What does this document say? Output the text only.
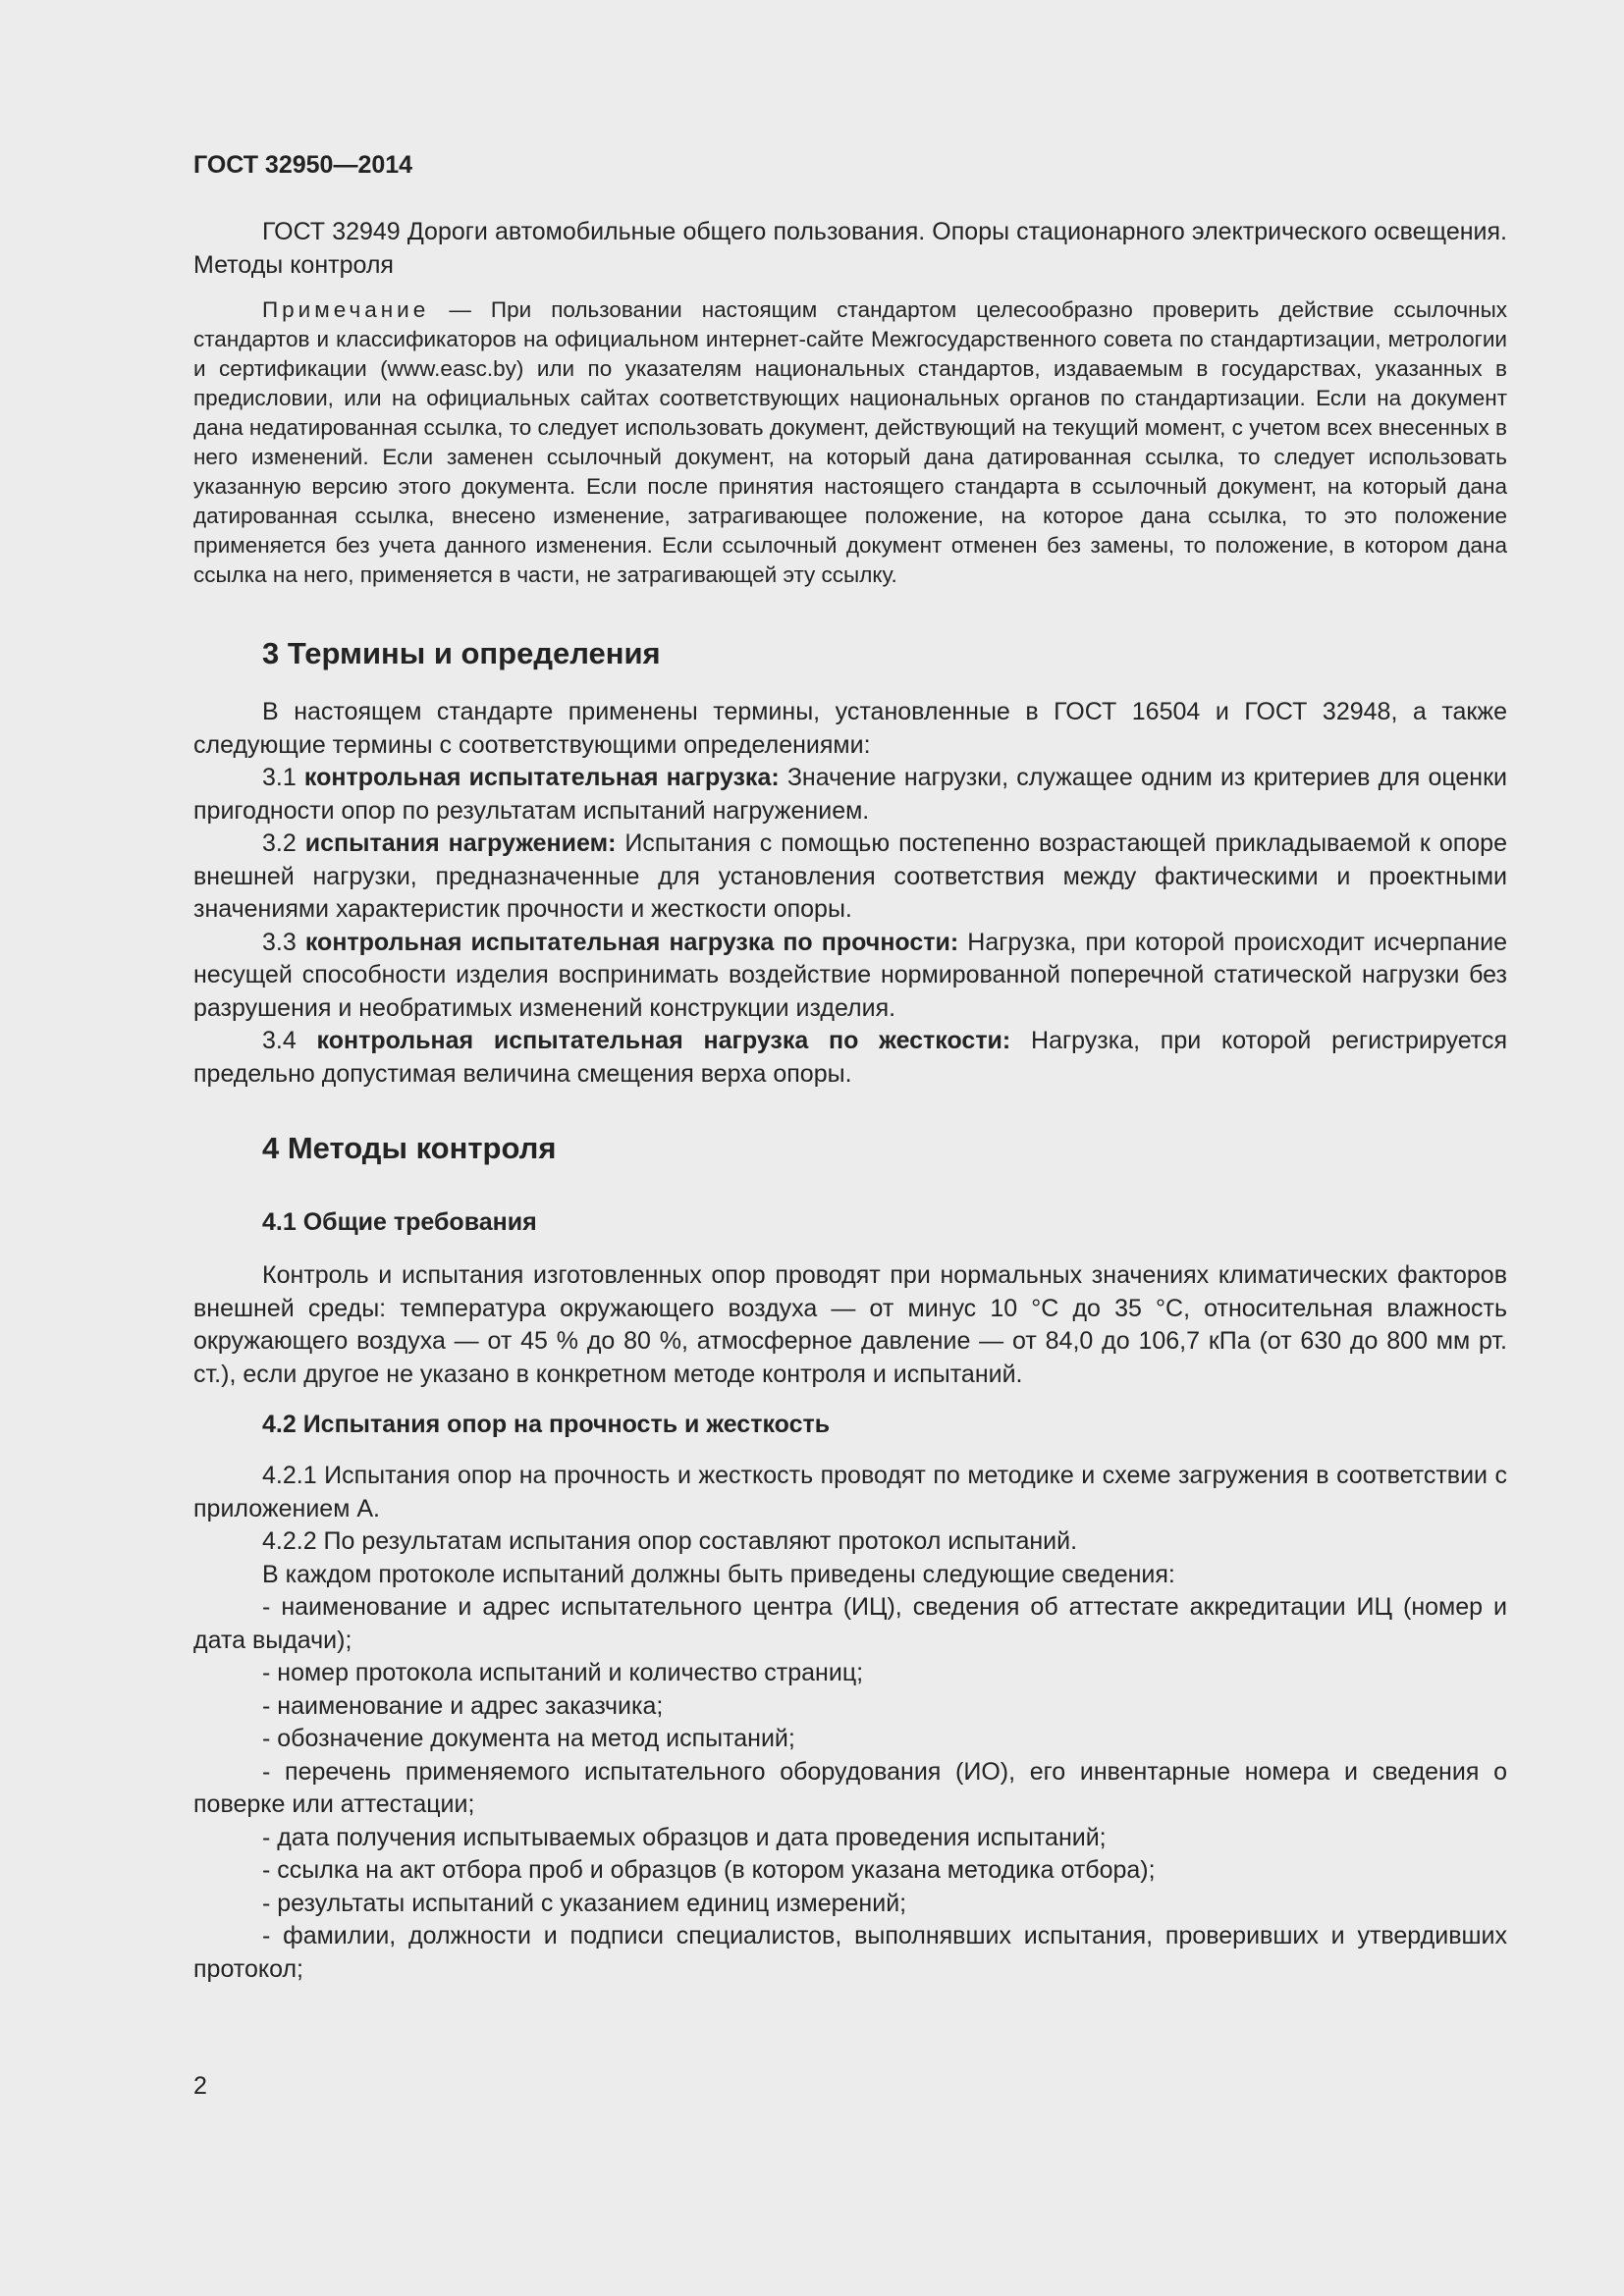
ГОСТ 32950—2014

ГОСТ 32949 Дороги автомобильные общего пользования. Опоры стационарного электрического освещения. Методы контроля

Примечание — При пользовании настоящим стандартом целесообразно проверить действие ссылочных стандартов и классификаторов на официальном интернет-сайте Межгосударственного совета по стандартизации, метрологии и сертификации (www.easc.by) или по указателям национальных стандартов, издаваемым в государствах, указанных в предисловии, или на официальных сайтах соответствующих национальных органов по стандартизации. Если на документ дана недатированная ссылка, то следует использовать документ, действующий на текущий момент, с учетом всех внесенных в него изменений. Если заменен ссылочный документ, на который дана датированная ссылка, то следует использовать указанную версию этого документа. Если после принятия настоящего стандарта в ссылочный документ, на который дана датированная ссылка, внесено изменение, затрагивающее положение, на которое дана ссылка, то это положение применяется без учета данного изменения. Если ссылочный документ отменен без замены, то положение, в котором дана ссылка на него, применяется в части, не затрагивающей эту ссылку.

3 Термины и определения

В настоящем стандарте применены термины, установленные в ГОСТ 16504 и ГОСТ 32948, а также следующие термины с соответствующими определениями:

3.1 контрольная испытательная нагрузка: Значение нагрузки, служащее одним из критериев для оценки пригодности опор по результатам испытаний нагружением.

3.2 испытания нагружением: Испытания с помощью постепенно возрастающей прикладываемой к опоре внешней нагрузки, предназначенные для установления соответствия между фактическими и проектными значениями характеристик прочности и жесткости опоры.

3.3 контрольная испытательная нагрузка по прочности: Нагрузка, при которой происходит исчерпание несущей способности изделия воспринимать воздействие нормированной поперечной статической нагрузки без разрушения и необратимых изменений конструкции изделия.

3.4 контрольная испытательная нагрузка по жесткости: Нагрузка, при которой регистрируется предельно допустимая величина смещения верха опоры.

4 Методы контроля
4.1 Общие требования

Контроль и испытания изготовленных опор проводят при нормальных значениях климатических факторов внешней среды: температура окружающего воздуха — от минус 10 °С до 35 °С, относительная влажность окружающего воздуха — от 45 % до 80 %, атмосферное давление — от 84,0 до 106,7 кПа (от 630 до 800 мм рт. ст.), если другое не указано в конкретном методе контроля и испытаний.

4.2 Испытания опор на прочность и жесткость

4.2.1 Испытания опор на прочность и жесткость проводят по методике и схеме загружения в соответствии с приложением А.

4.2.2 По результатам испытания опор составляют протокол испытаний.

В каждом протоколе испытаний должны быть приведены следующие сведения:

- наименование и адрес испытательного центра (ИЦ), сведения об аттестате аккредитации ИЦ (номер и дата выдачи);

- номер протокола испытаний и количество страниц;

- наименование и адрес заказчика;

- обозначение документа на метод испытаний;

- перечень применяемого испытательного оборудования (ИО), его инвентарные номера и сведения о поверке или аттестации;

- дата получения испытываемых образцов и дата проведения испытаний;

- ссылка на акт отбора проб и образцов (в котором указана методика отбора);

- результаты испытаний с указанием единиц измерений;

- фамилии, должности и подписи специалистов, выполнявших испытания, проверивших и утвердивших протокол;

2
